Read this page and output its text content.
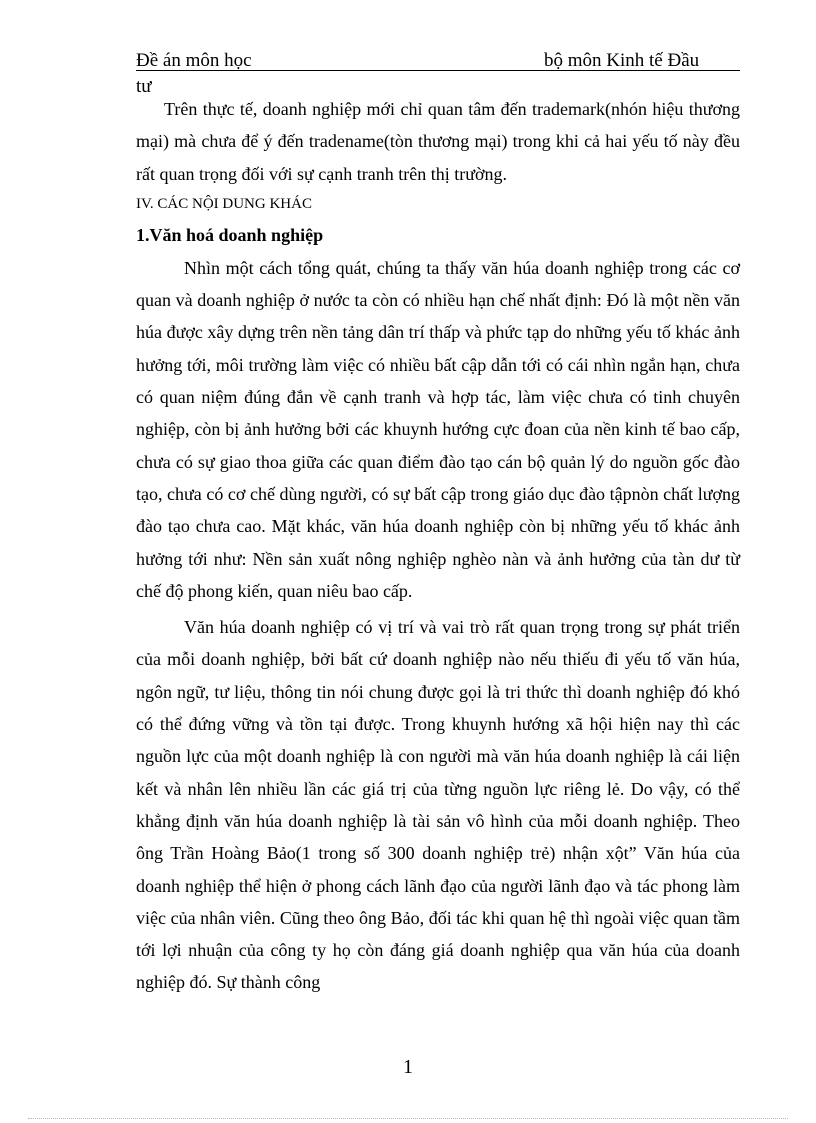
Đề án môn học	bộ môn Kinh tế Đầu
tư

Trên thực tế, doanh nghiệp mới chỉ quan tâm đến trademark(nhón hiệu thương mại) mà chưa để ý đến tradename(tòn thương mại) trong khi cả hai yếu tố này đều rất quan trọng đối với sự cạnh tranh trên thị trường.

IV. CÁC NỘI DUNG KHÁC

1.Văn hoá doanh nghiệp

Nhìn một cách tổng quát, chúng ta thấy văn húa doanh nghiệp trong các cơ quan và doanh nghiệp ở nước ta còn có nhiều hạn chế nhất định: Đó là một nền văn húa được xây dựng trên nền tảng dân trí thấp và phức tạp do những yếu tố khác ảnh hưởng tới, môi trường làm việc có nhiều bất cập dẫn tới có cái nhìn ngắn hạn, chưa có quan niệm đúng đắn về cạnh tranh và hợp tác, làm việc chưa có tinh chuyên nghiệp, còn bị ảnh hưởng bởi các khuynh hướng cực đoan của nền kinh tế bao cấp, chưa có sự giao thoa giữa các quan điểm đào tạo cán bộ quản lý do nguồn gốc đào tạo, chưa có cơ chế dùng người, có sự bất cập trong giáo dục đào tậpnòn chất lượng đào tạo chưa cao. Mặt khác, văn húa doanh nghiệp còn bị những yếu tố khác ảnh hưởng tới như: Nền sản xuất nông nghiệp nghèo nàn và ảnh hưởng của tàn dư từ chế độ phong kiến, quan niêu bao cấp.

Văn húa doanh nghiệp có vị trí và vai trò rất quan trọng trong sự phát triển của mỗi doanh nghiệp, bởi bất cứ doanh nghiệp nào nếu thiếu đi yếu tố văn húa, ngôn ngữ, tư liệu, thông tin nói chung được gọi là tri thức thì doanh nghiệp đó khó có thể đứng vững và tồn tại được. Trong khuynh hướng xã hội hiện nay thì các nguồn lực của một doanh nghiệp là con người mà văn húa doanh nghiệp là cái liện kết và nhân lên nhiều lần các giá trị của từng nguồn lực riêng lẻ. Do vậy, có thể khẳng định văn húa doanh nghiệp là tài sản vô hình của mỗi doanh nghiệp. Theo ông Trần Hoàng Bảo(1 trong số 300 doanh nghiệp trẻ) nhận xột” Văn húa của doanh nghiệp thể hiện ở phong cách lãnh đạo của người lãnh đạo và tác phong làm việc của nhân viên. Cũng theo ông Bảo, đối tác khi quan hệ thì ngoài việc quan tầm tới lợi nhuận của công ty họ còn đáng giá doanh nghiệp qua văn húa của doanh nghiệp đó. Sự thành công

1
